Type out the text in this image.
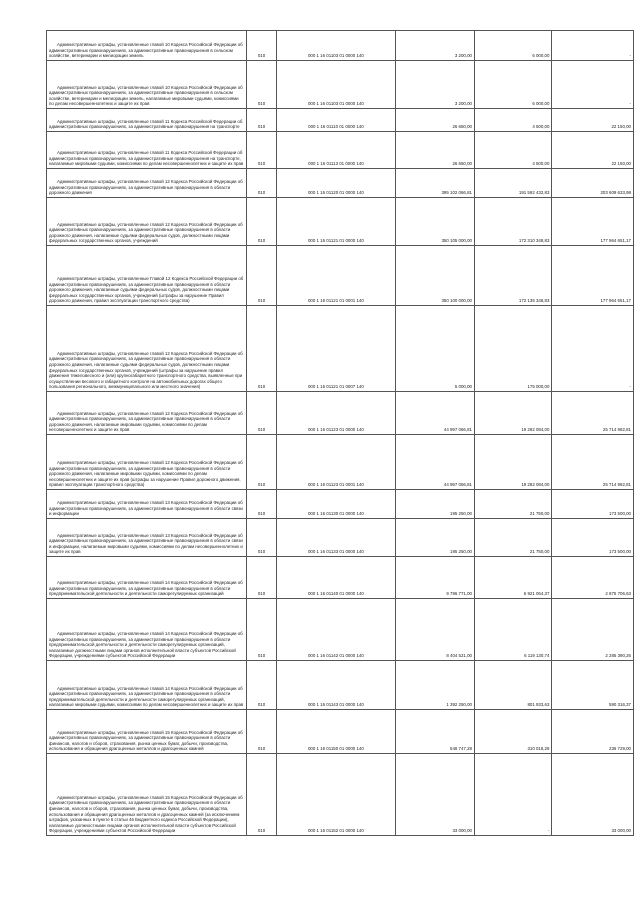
Административные штрафы, установленные главой 10 Кодекса Российской Федерации об административных правонарушениях, за административные правонарушения в сельском хозяйстве, ветеринарии и мелиорации земель	010	000 1 16 01103 01 0000 140	3 200,00	6 000,00	-

Административные штрафы, установленные главой 10 Кодекса Российской Федерации об административных правонарушениях, за административные правонарушения в сельском хозяйстве, ветеринарии и мелиорации земель, налагаемые мировыми судьями, комиссиями по делам несовершеннолетних и защите их прав	010	000 1 16 01103 01 0000 140	3 200,00	6 000,00	-

Административные штрафы, установленные главой 11 Кодекса Российской Федерации об административных правонарушениях, за административные правонарушения на транспорте	010	000 1 16 01110 01 0000 140	26 650,00	4 500,00	22 150,00

Административные штрафы, установленные главой 11 Кодекса Российской Федерации об административных правонарушениях, за административные правонарушения на транспорте, налагаемые мировыми судьями, комиссиями по делам несовершеннолетних и защите их прав	010	000 1 16 01113 01 0000 140	26 650,00	4 500,00	22 150,00

Административные штрафы, установленные главой 12 Кодекса Российской Федерации об административных правонарушениях, за административные правонарушения в области дорожного движения	010	000 1 16 01120 01 0000 140	395 102 066,81	191 592 432,83	203 609 633,98

Административные штрафы, установленные главой 12 Кодекса Российской Федерации об административных правонарушениях, за административные правонарушения в области дорожного движения, налагаемые судьями федеральных судов, должностными лицами федеральных государственных органов, учреждений	010	000 1 16 01121 01 0000 140	350 105 000,00	172 310 348,83	177 964 651,17

Административные штрафы, установленные Главой 12 Кодекса Российской Федерации об административных правонарушениях, за административные правонарушения в области дорожного движения, налагаемые судьями федеральных судов, должностными лицами федеральных государственных органов, учреждений (штрафы за нарушение Правил дорожного движения, правил эксплуатации транспортного средства)	010	000 1 16 01121 01 0001 140	350 100 000,00	172 135 348,83	177 964 651,17

Административные штрафы, установленные главой 12 Кодекса Российской Федерации об административных правонарушениях, за административные правонарушения в области дорожного движения, налагаемые судьями федеральных судов, должностными лицами федеральных государственных органов, учреждений (штрафы за нарушение правил движения тяжеловесного и (или) крупногабаритного транспортного средства, выявленные при осуществлении весового и габаритного контроля на автомобильных дорогах общего пользования регионального, межмуниципального или местного значения)	010	000 1 16 01121 01 0007 140	5 000,00	175 000,00	-

Административные штрафы, установленные главой 12 Кодекса Российской Федерации об административных правонарушениях, за административные правонарушения в области дорожного движения, налагаемые мировыми судьями, комиссиями по делам несовершеннолетних и защите их прав	010	000 1 16 01123 01 0000 140	44 997 066,81	19 282 084,00	25 714 982,81

Административные штрафы, установленные главой 12 Кодекса Российской Федерации об административных правонарушениях, за административные правонарушения в области дорожного движения, налагаемые мировыми судьями, комиссиями по делам несовершеннолетних и защите их прав (штрафы за нарушение Правил дорожного движения, правил эксплуатации транспортного средства)	010	000 1 16 01123 01 0001 140	44 997 066,81	19 282 084,00	25 714 982,81

Административные штрафы, установленные главой 13 Кодекса Российской Федерации об административных правонарушениях, за административные правонарушения в области связи и информации	010	000 1 16 01130 01 0000 140	195 250,00	21 750,00	173 500,00

Административные штрафы, установленные главой 13 Кодекса Российской Федерации об административных правонарушениях, за административные правонарушения в области связи и информации, налагаемые мировыми судьями, комиссиями по делам несовершеннолетних и защите их прав	010	000 1 16 01133 01 0000 140	195 250,00	21 750,00	173 500,00

Административные штрафы, установленные главой 14 Кодекса Российской Федерации об административных правонарушениях, за административные правонарушения в области предпринимательской деятельности и деятельности саморегулируемых организаций	010	000 1 16 01140 01 0000 140	9 796 771,00	6 921 064,37	2 875 706,63

Административные штрафы, установленные главой 14 Кодекса Российской Федерации об административных правонарушениях, за административные правонарушения в области предпринимательской деятельности и деятельности саморегулируемых организаций, налагаемые должностными лицами органов исполнительной власти субъектов Российской Федерации, учреждениями субъектов Российской Федерации	010	000 1 16 01142 01 0000 140	8 404 521,00	6 119 130,74	2 285 390,26

Административные штрафы, установленные главой 14 Кодекса Российской Федерации об административных правонарушениях, за административные правонарушения в области предпринимательской деятельности и деятельности саморегулируемых организаций, налагаемые мировыми судьями, комиссиями по делам несовершеннолетних и защите их прав	010	000 1 16 01143 01 0000 140	1 392 250,00	801 933,63	590 316,37

Административные штрафы, установленные главой 15 Кодекса Российской Федерации об административных правонарушениях, за административные правонарушения в области финансов, налогов и сборов, страхования, рынка ценных бумаг, добычи, производства, использования и обращения драгоценных металлов и драгоценных камней	010	000 1 16 01150 01 0000 140	546 747,28	310 018,28	236 729,00

Административные штрафы, установленные главой 15 Кодекса Российской Федерации об административных правонарушениях, за административные правонарушения в области финансов, налогов и сборов, страхования, рынка ценных бумаг, добычи, производства, использования и обращения драгоценных металлов и драгоценных камней (за исключением штрафов, указанных в пункте 6 статьи 46 Бюджетного кодекса Российской Федерации), налагаемые должностными лицами органов исполнительной власти субъектов Российской Федерации, учреждениями субъектов Российской Федерации	010	000 1 16 01152 01 0000 140	33 000,00	-	33 000,00
